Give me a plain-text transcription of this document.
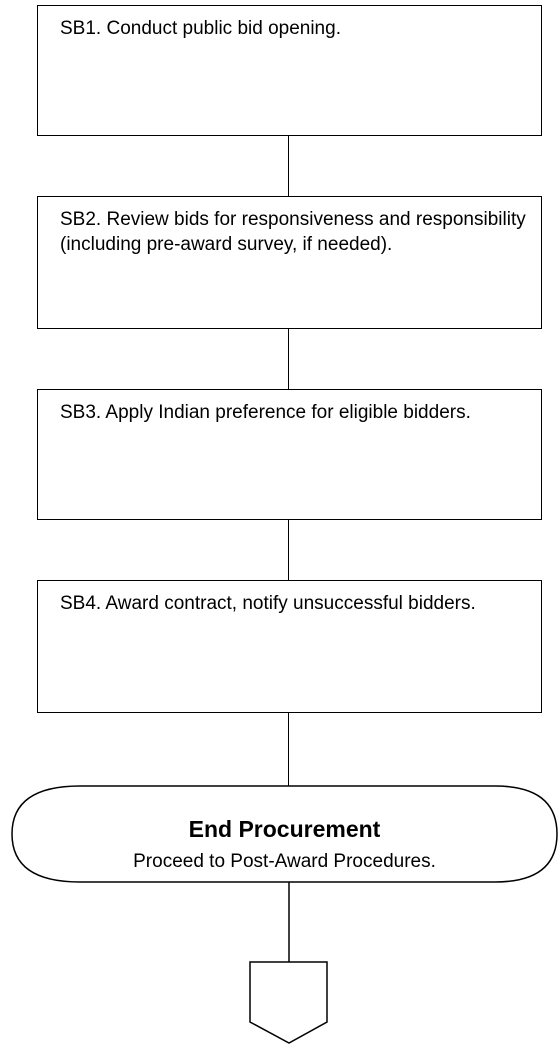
SB1. Conduct public bid opening.
SB2. Review bids for responsiveness and responsibility (including pre-award survey, if needed).
SB3. Apply Indian preference for eligible bidders.
SB4. Award contract, notify unsuccessful bidders.
End Procurement
Proceed to Post-Award Procedures.
